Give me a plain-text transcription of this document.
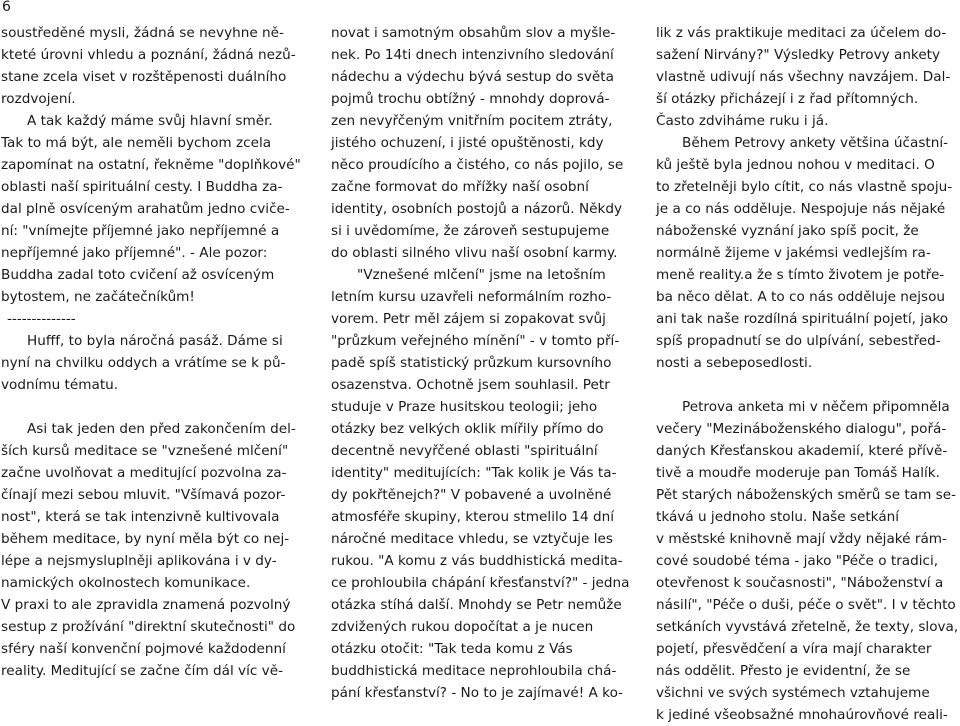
6
soustředěné mysli, žádná se nevyhne ně-
kteté úrovni vhledu a poznání, žádná nezů-
stane zcela viset v rozštěpenosti duálního
rozdvojení.
A tak každý máme svůj hlavní směr.
Tak to má být, ale neměli bychom zcela
zapomínat na ostatní, řekněme "doplňkové"
oblasti naší spirituální cesty. I Buddha za-
dal plně osvíceným arahatům jedno cviče-
ní: "vnímejte příjemné jako nepříjemné a
nepříjemné jako příjemné". - Ale pozor:
Buddha zadal toto cvičení až osvíceným
bytostem, ne začátečníkům!
--------------
Hufff, to byla náročná pasáž. Dáme si
nyní na chvilku oddych a vrátíme se k pů-
vodnímu tématu.
Asi tak jeden den před zakončením del-
ších kursů meditace se "vznešené mlčení"
začne uvolňovat a meditující pozvolna za-
čínají mezi sebou mluvit. "Všímavá pozor-
nost", která se tak intenzivně kultivovala
během meditace, by nyní měla být co nej-
lépe a nejsmysluplněji aplikována i v dy-
namických okolnostech komunikace.
V praxi to ale zpravidla znamená pozvolný
sestup z prožívání "direktní skutečnosti" do
sféry naší konvenční pojmové každodenní
reality. Meditující se začne čím dál víc vě-
novat i samotným obsahům slov a myšle-
nek. Po 14ti dnech intenzivního sledování
nádechu a výdechu bývá sestup do světa
pojmů trochu obtížný - mnohdy doprová-
zen nevyřčeným vnitřním pocitem ztráty,
jistého ochuzení, i jisté opuštěnosti, kdy
něco proudícího a čistého, co nás pojilo, se
začne formovat do mřížky naší osobní
identity, osobních postojů a názorů. Někdy
si i uvědomíme, že zároveň sestupujeme
do oblasti silného vlivu naší osobní karmy.
"Vznešené mlčení" jsme na letošním
letním kursu uzavřeli neformálním rozho-
vorem. Petr měl zájem si zopakovat svůj
"průzkum veřejného mínění" - v tomto pří-
padě spíš statistický průzkum kursovního
osazenstva. Ochotně jsem souhlasil. Petr
studuje v Praze husitskou teologii; jeho
otázky bez velkých oklik mířily přímo do
decentně nevyřčené oblasti "spirituální
identity" meditujících: "Tak kolik je Vás ta-
dy pokřtěnejch?" V pobavené a uvolněné
atmosféře skupiny, kterou stmelilo 14 dní
náročné meditace vhledu, se vztyčuje les
rukou. "A komu z vás buddhistická medita-
ce prohloubila chápání křesťanství?" - jedna
otázka stíhá další. Mnohdy se Petr nemůže
zdvižených rukou dopočítat a je nucen
otázku otočit: "Tak teda komu z Vás
buddhistická meditace neprohloubila chá-
pání křesťanství? - No to je zajímavé! A ko-
lik z vás praktikuje meditaci za účelem do-
sažení Nirvány?" Výsledky Petrovy ankety
vlastně udivují nás všechny navzájem. Dal-
ší otázky přicházejí i z řad přítomných.
Často zdviháme ruku i já.
Během Petrovy ankety většina účastní-
ků ještě byla jednou nohou v meditaci. O
to zřetelněji bylo cítit, co nás vlastně spoju-
je a co nás odděluje. Nespojuje nás nějaké
náboženské vyznání jako spíš pocit, že
normálně žijeme v jakémsi vedlejším ra-
meně reality.a že s tímto životem je potře-
ba něco dělat. A to co nás odděluje nejsou
ani tak naše rozdílná spirituální pojetí, jako
spíš propadnutí se do ulpívání, sebestřed-
nosti a sebeposedlosti.
Petrova anketa mi v něčem připomněla
večery "Mezináboženského dialogu", pořá-
daných Křesťanskou akademií, které přívě-
tivě a moudře moderuje pan Tomáš Halík.
Pět starých náboženských směrů se tam se-
tkává u jednoho stolu. Naše setkání
v městské knihovně mají vždy nějaké rám-
cové soudobé téma - jako "Péče o tradici,
otevřenost k současnosti", "Náboženství a
násilí", "Péče o duši, péče o svět". I v těchto
setkáních vyvstává zřetelně, že texty, slova,
pojetí, přesvědčení a víra mají charakter
nás oddělit. Přesto je evidentní, že se
všichni ve svých systémech vztahujeme
k jediné všeobsažné mnohaúrovňové reali-
